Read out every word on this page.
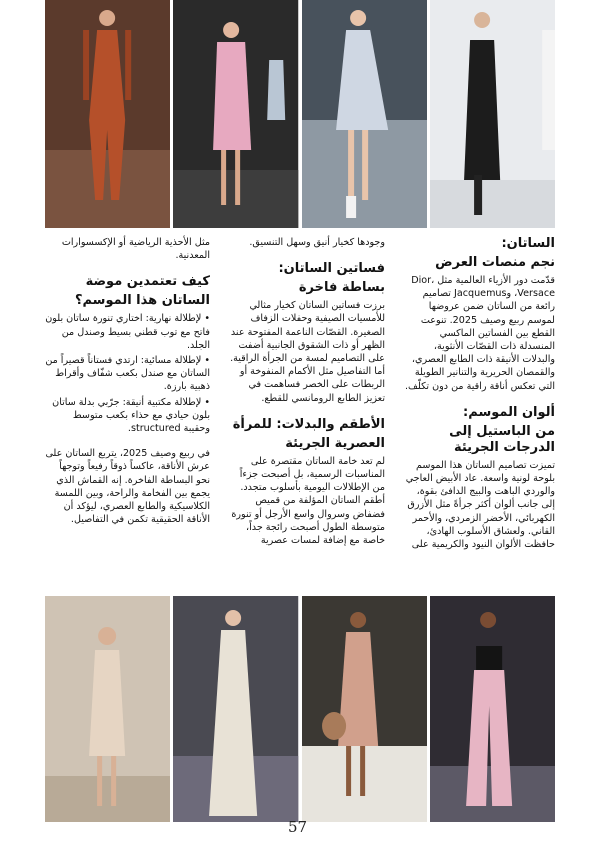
الساتان:
نجم منصات العرض

قدّمت دور الأزياء العالمية مثل Dior، Versace، وJacquemus تصاميم رائعة من الساتان ضمن عروضها لموسم ربيع وصيف 2025. تنوعت القطع بين الفساتين الماكسي المنسدلة ذات القصّات الأنثوية، والبدلات الأنيقة ذات الطابع العصري، والقمصان الحريرية والتنانير الطويلة التي تعكس أناقة راقية من دون تكلّف.

ألوان الموسم:
من الباستيل إلى الدرجات الجريئة

تميزت تصاميم الساتان هذا الموسم بلوحة لونية واسعة. عاد الأبيض العاجي والوردي الباهت والبيج الدافئ بقوة، إلى جانب ألوان أكثر جرأةً مثل الأزرق الكهربائي، الأخضر الزمردي، والأحمر القاني. ولعشاق الأسلوب الهادئ، حافظت الألوان النيود والكريمية على

وجودها كخيار أنيق وسهل التنسيق.

فساتين الساتان:
بساطة فاخرة

برزت فساتين الساتان كخيار مثالي للأمسيات الصيفية وحفلات الزفاف الصغيرة. القصّات الناعمة المفتوحة عند الظهر أو ذات الشقوق الجانبية أضفت على التصاميم لمسة من الجرأة الراقية. أما التفاصيل مثل الأكمام المنفوخة أو الربطات على الخصر فساهمت في تعزيز الطابع الرومانسي للقطع.

الأطقم والبدلات: للمرأة
العصرية الجريئة

لم تعد خامة الساتان مقتصرة على المناسبات الرسمية، بل أصبحت جزءاً من الإطلالات اليومية بأسلوب متجدد. أطقم الساتان المؤلفة من قميص فضفاض وسروال واسع الأرجل أو تنورة متوسطة الطول أصبحت رائجة جداً، خاصة مع إضافة لمسات عصرية

مثل الأحذية الرياضية أو الإكسسوارات المعدنية.

كيف تعتمدين موضة
الساتان هذا الموسم؟

• لإطلالة نهارية: اختاري تنورة ساتان بلون فاتح مع توب قطني بسيط وصندل من الجلد.

• لإطلالة مسائية: ارتدي فستاناً قصيراً من الساتان مع صندل بكعب شفّاف وأقراط ذهبية بارزة.

• لإطلالة مكتبية أنيقة: جرّبي بدلة ساتان بلون حيادي مع حذاء بكعب متوسط وحقيبة structured.

في ربيع وصيف 2025، يتربع الساتان على عرش الأناقة، عاكساً ذوقاً رفيعاً وتوجهاً نحو البساطة الفاخرة. إنه القماش الذي يجمع بين الفخامة والراحة، وبين اللمسة الكلاسيكية والطابع العصري، ليؤكد أن الأناقة الحقيقية تكمن في التفاصيل.

57
